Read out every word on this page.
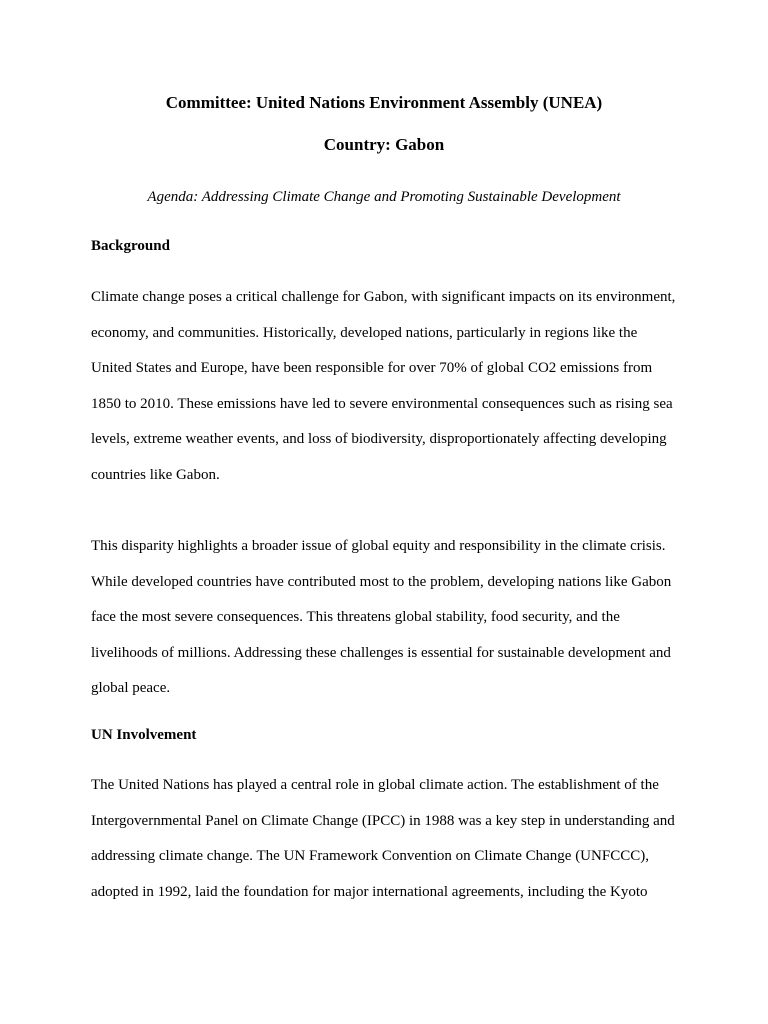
Committee: United Nations Environment Assembly (UNEA)
Country: Gabon
Agenda: Addressing Climate Change and Promoting Sustainable Development
Background
Climate change poses a critical challenge for Gabon, with significant impacts on its environment,
economy, and communities. Historically, developed nations, particularly in regions like the
United States and Europe, have been responsible for over 70% of global CO2 emissions from
1850 to 2010. These emissions have led to severe environmental consequences such as rising sea
levels, extreme weather events, and loss of biodiversity, disproportionately affecting developing
countries like Gabon.
This disparity highlights a broader issue of global equity and responsibility in the climate crisis.
While developed countries have contributed most to the problem, developing nations like Gabon
face the most severe consequences. This threatens global stability, food security, and the
livelihoods of millions. Addressing these challenges is essential for sustainable development and
global peace.
UN Involvement
The United Nations has played a central role in global climate action. The establishment of the
Intergovernmental Panel on Climate Change (IPCC) in 1988 was a key step in understanding and
addressing climate change. The UN Framework Convention on Climate Change (UNFCCC),
adopted in 1992, laid the foundation for major international agreements, including the Kyoto
